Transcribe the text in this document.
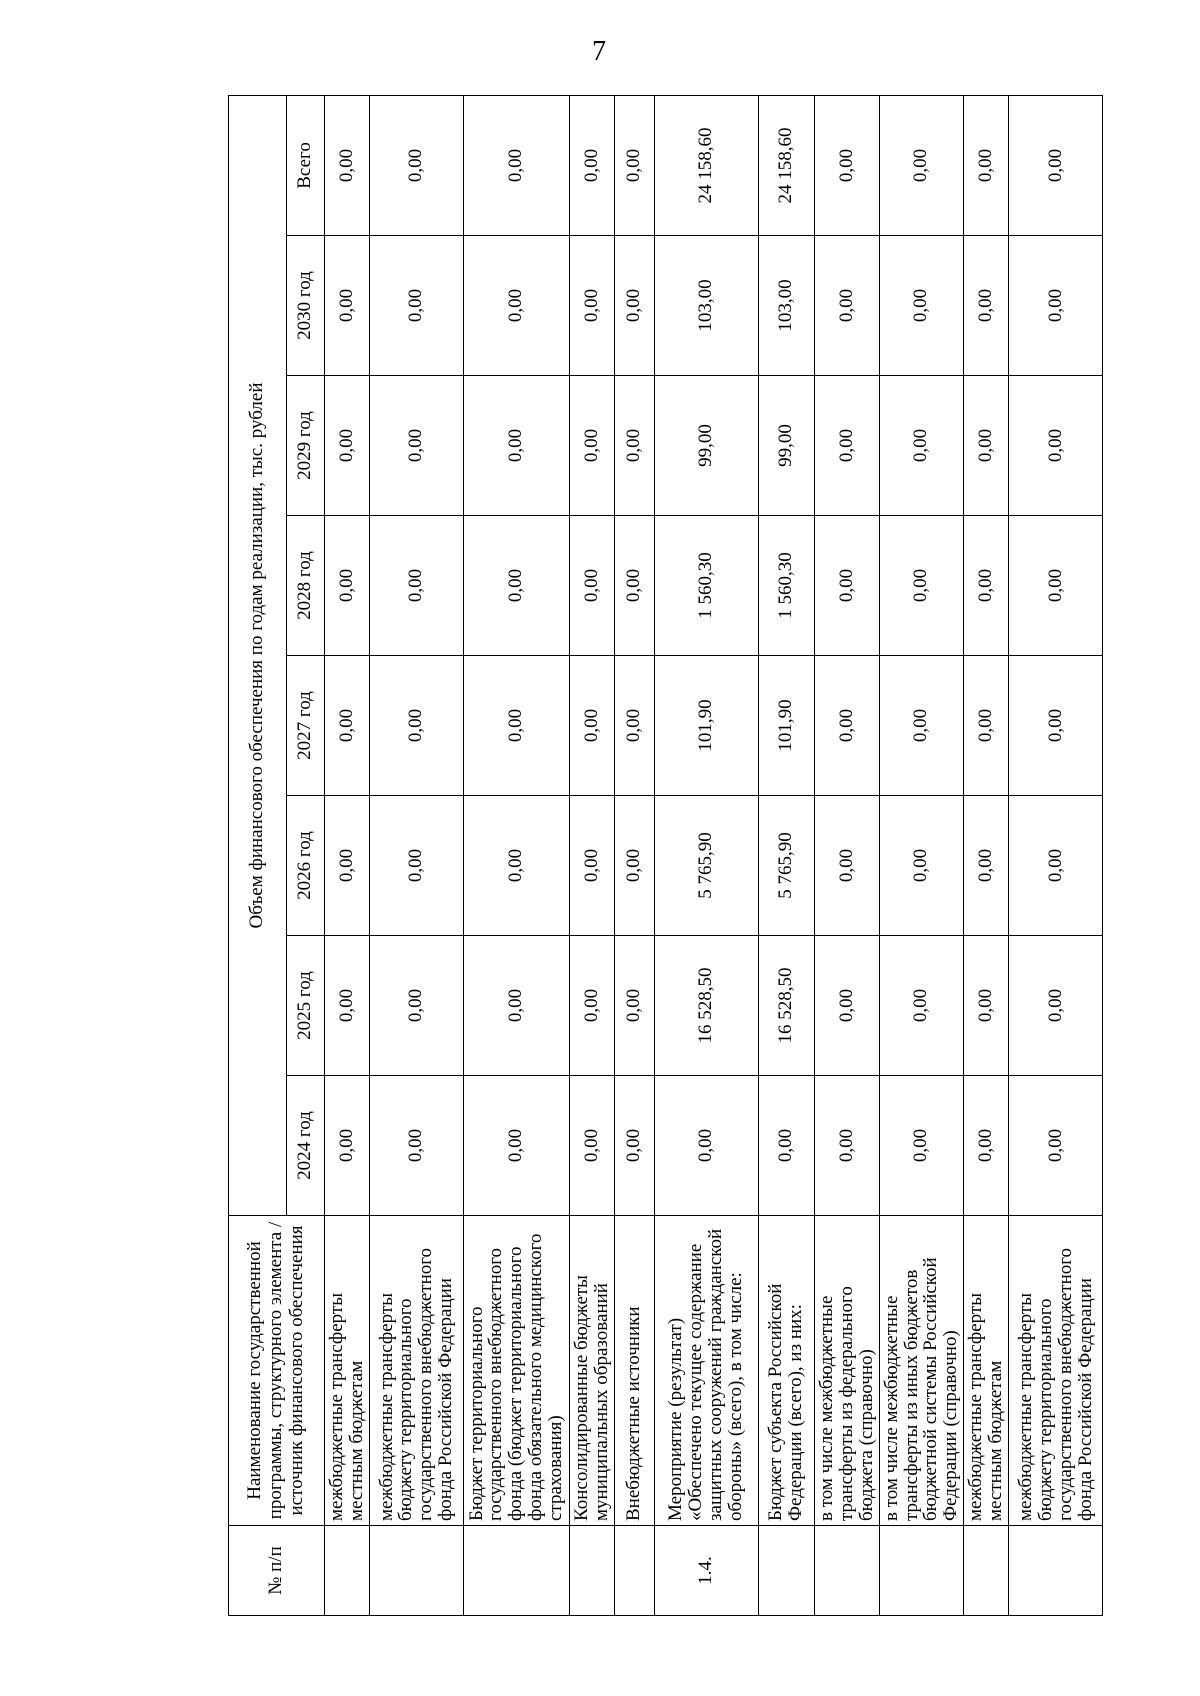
7
№ п/п	Наименование государственной программы, структурного элемента / источник финансового обеспечения	Объем финансового обеспечения по годам реализации, тыс. рублей							
		2024 год	2025 год	2026 год	2027 год	2028 год	2029 год	2030 год	Всего
	межбюджетные трансферты местным бюджетам	0,00	0,00	0,00	0,00	0,00	0,00	0,00	0,00
	межбюджетные трансферты бюджету территориального государственного внебюджетного фонда Российской Федерации	0,00	0,00	0,00	0,00	0,00	0,00	0,00	0,00
	Бюджет территориального государственного внебюджетного фонда (бюджет территориального фонда обязательного медицинского страхования)	0,00	0,00	0,00	0,00	0,00	0,00	0,00	0,00
	Консолидированные бюджеты муниципальных образований	0,00	0,00	0,00	0,00	0,00	0,00	0,00	0,00
	Внебюджетные источники	0,00	0,00	0,00	0,00	0,00	0,00	0,00	0,00
1.4.	Мероприятие (результат) «Обеспечено текущее содержание защитных сооружений гражданской обороны» (всего), в том числе:	0,00	16 528,50	5 765,90	101,90	1 560,30	99,00	103,00	24 158,60
	Бюджет субъекта Российской Федерации (всего), из них:	0,00	16 528,50	5 765,90	101,90	1 560,30	99,00	103,00	24 158,60
	в том числе межбюджетные трансферты из федерального бюджета (справочно)	0,00	0,00	0,00	0,00	0,00	0,00	0,00	0,00
	в том числе межбюджетные трансферты из иных бюджетов бюджетной системы Российской Федерации (справочно)	0,00	0,00	0,00	0,00	0,00	0,00	0,00	0,00
	межбюджетные трансферты местным бюджетам	0,00	0,00	0,00	0,00	0,00	0,00	0,00	0,00
	межбюджетные трансферты бюджету территориального государственного внебюджетного фонда Российской Федерации	0,00	0,00	0,00	0,00	0,00	0,00	0,00	0,00
